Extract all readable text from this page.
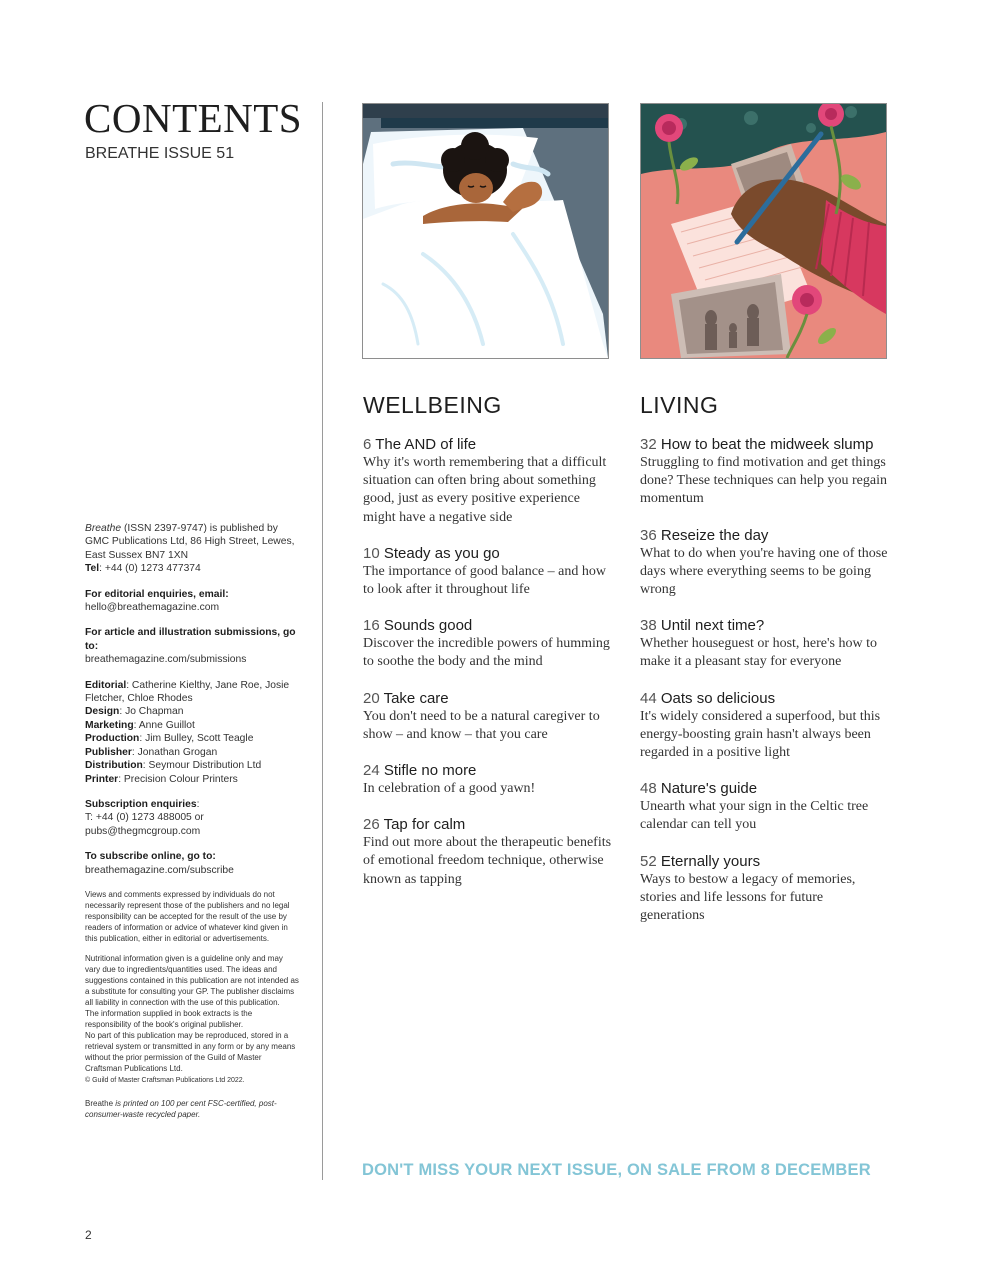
CONTENTS
BREATHE ISSUE 51

Breathe (ISSN 2397-9747) is published by GMC Publications Ltd, 86 High Street, Lewes, East Sussex BN7 1XN
Tel: +44 (0) 1273 477374

For editorial enquiries, email:
hello@breathemagazine.com

For article and illustration submissions, go to:
breathemagazine.com/submissions

Editorial: Catherine Kielthy, Jane Roe, Josie Fletcher, Chloe Rhodes
Design: Jo Chapman
Marketing: Anne Guillot
Production: Jim Bulley, Scott Teagle
Publisher: Jonathan Grogan
Distribution: Seymour Distribution Ltd
Printer: Precision Colour Printers

Subscription enquiries:
T: +44 (0) 1273 488005 or pubs@thegmcgroup.com

To subscribe online, go to:
breathemagazine.com/subscribe

Views and comments expressed by individuals do not necessarily represent those of the publishers and no legal responsibility can be accepted for the result of the use by readers of information or advice of whatever kind given in this publication, either in editorial or advertisements.

Nutritional information given is a guideline only and may vary due to ingredients/quantities used. The ideas and suggestions contained in this publication are not intended as a substitute for consulting your GP. The publisher disclaims all liability in connection with the use of this publication.
The information supplied in book extracts is the responsibility of the book's original publisher.
No part of this publication may be reproduced, stored in a retrieval system or transmitted in any form or by any means without the prior permission of the Guild of Master Craftsman Publications Ltd.
© Guild of Master Craftsman Publications Ltd 2022.

Breathe is printed on 100 per cent FSC-certified, post-consumer-waste recycled paper.

2
WELLBEING
6 The AND of life
Why it's worth remembering that a difficult situation can often bring about something good, just as every positive experience might have a negative side
10 Steady as you go
The importance of good balance – and how to look after it throughout life
16 Sounds good
Discover the incredible powers of humming to soothe the body and the mind
20 Take care
You don't need to be a natural caregiver to show – and know – that you care
24 Stifle no more
In celebration of a good yawn!
26 Tap for calm
Find out more about the therapeutic benefits of emotional freedom technique, otherwise known as tapping
LIVING
32 How to beat the midweek slump
Struggling to find motivation and get things done? These techniques can help you regain momentum
36 Reseize the day
What to do when you're having one of those days where everything seems to be going wrong
38 Until next time?
Whether houseguest or host, here's how to make it a pleasant stay for everyone
44 Oats so delicious
It's widely considered a superfood, but this energy-boosting grain hasn't always been regarded in a positive light
48 Nature's guide
Unearth what your sign in the Celtic tree calendar can tell you
52 Eternally yours
Ways to bestow a legacy of memories, stories and life lessons for future generations
DON'T MISS YOUR NEXT ISSUE, ON SALE FROM 8 DECEMBER
